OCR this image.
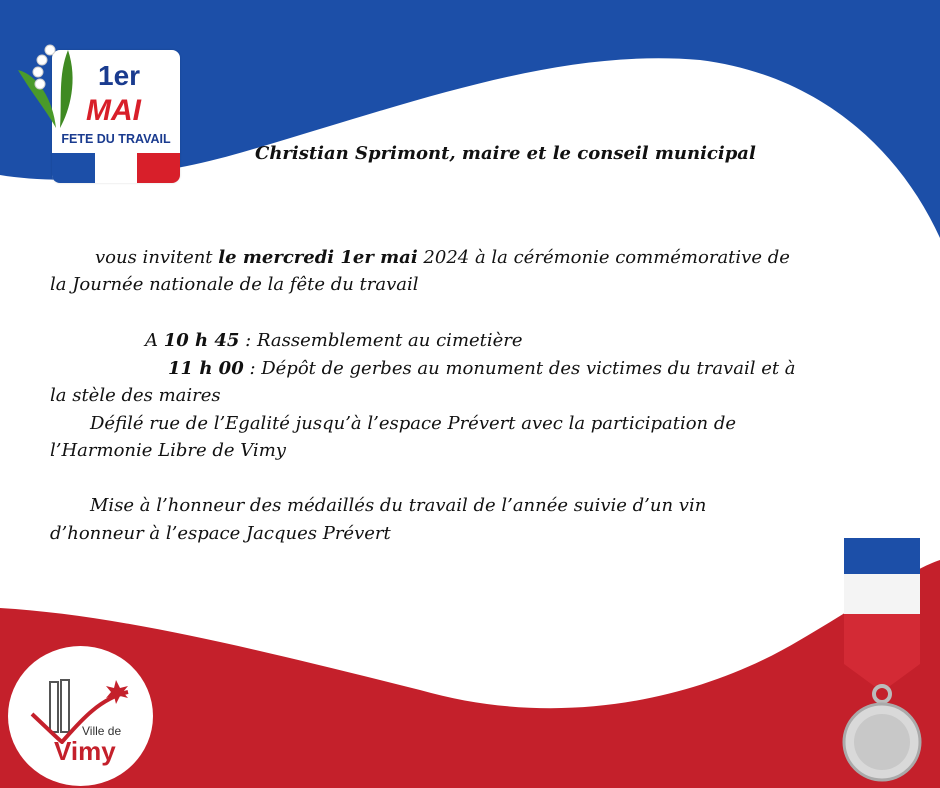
1er
MAI
FETE DU TRAVAIL
Christian Sprimont, maire et le conseil municipal
vous invitent le mercredi 1er mai 2024 à la cérémonie commémorative de
la Journée nationale de la fête du travail
A 10 h 45 : Rassemblement au cimetière
11 h 00 : Dépôt de gerbes au monument des victimes du travail et à
la stèle des maires
Défilé rue de l’Egalité jusqu’à l’espace Prévert avec la participation de
l’Harmonie Libre de Vimy
Mise à l’honneur des médaillés du travail de l’année suivie d’un vin
d’honneur à l’espace Jacques Prévert
Ville de
Vimy
